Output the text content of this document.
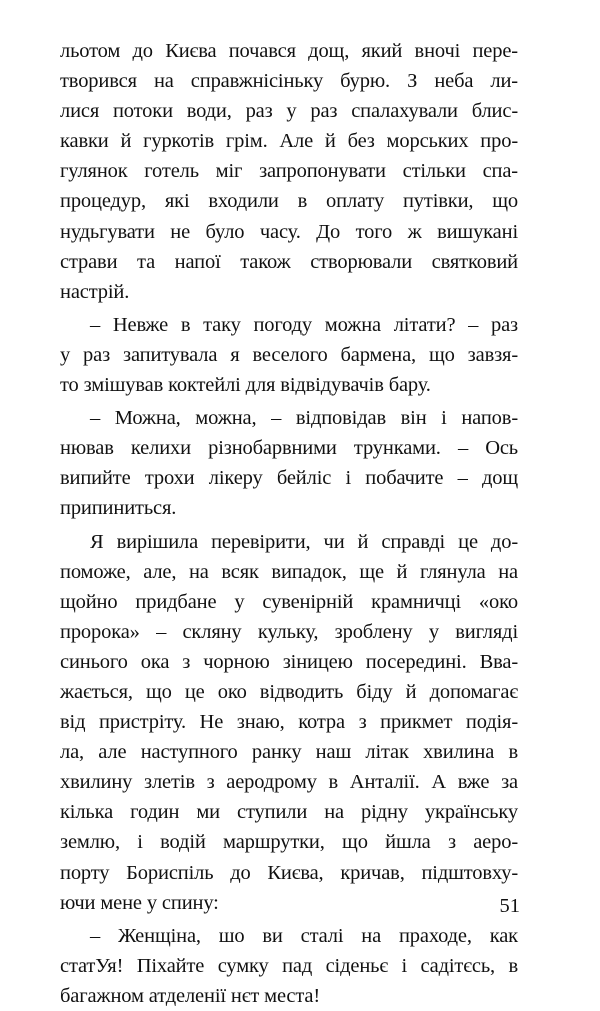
льотом до Києва почався дощ, який вночі пере-
творився на справжнісіньку бурю. З неба ли-
лися потоки води, раз у раз спалахували блис-
кавки й гуркотів грім. Але й без морських про-
гулянок готель міг запропонувати стільки спа-
процедур, які входили в оплату путівки, що
нудьгувати не було часу. До того ж вишукані
страви та напої також створювали святковий
настрій.
– Невже в таку погоду можна літати? – раз
у раз запитувала я веселого бармена, що завзя-
то змішував коктейлі для відвідувачів бару.
– Можна, можна, – відповідав він і напов-
нював келихи різнобарвними трунками. – Ось
випийте трохи лікеру бейліс і побачите – дощ
припиниться.
Я вирішила перевірити, чи й справді це до-
поможе, але, на всяк випадок, ще й глянула на
щойно придбане у сувенірній крамничці «око
пророка» – скляну кульку, зроблену у вигляді
синього ока з чорною зіницею посередині. Вва-
жається, що це око відводить біду й допомагає
від пристріту. Не знаю, котра з прикмет подія-
ла, але наступного ранку наш літак хвилина в
хвилину злетів з аеродрому в Анталії. А вже за
кілька годин ми ступили на рідну українську
землю, і водій маршрутки, що йшла з аеро-
порту Бориспіль до Києва, кричав, підштовху-
ючи мене у спину:
– Женщіна, шо ви сталі на праходе, как
статУя! Піхайте сумку пад сіденьє і садітєсь, в
багажном атделенії нєт места!
51
